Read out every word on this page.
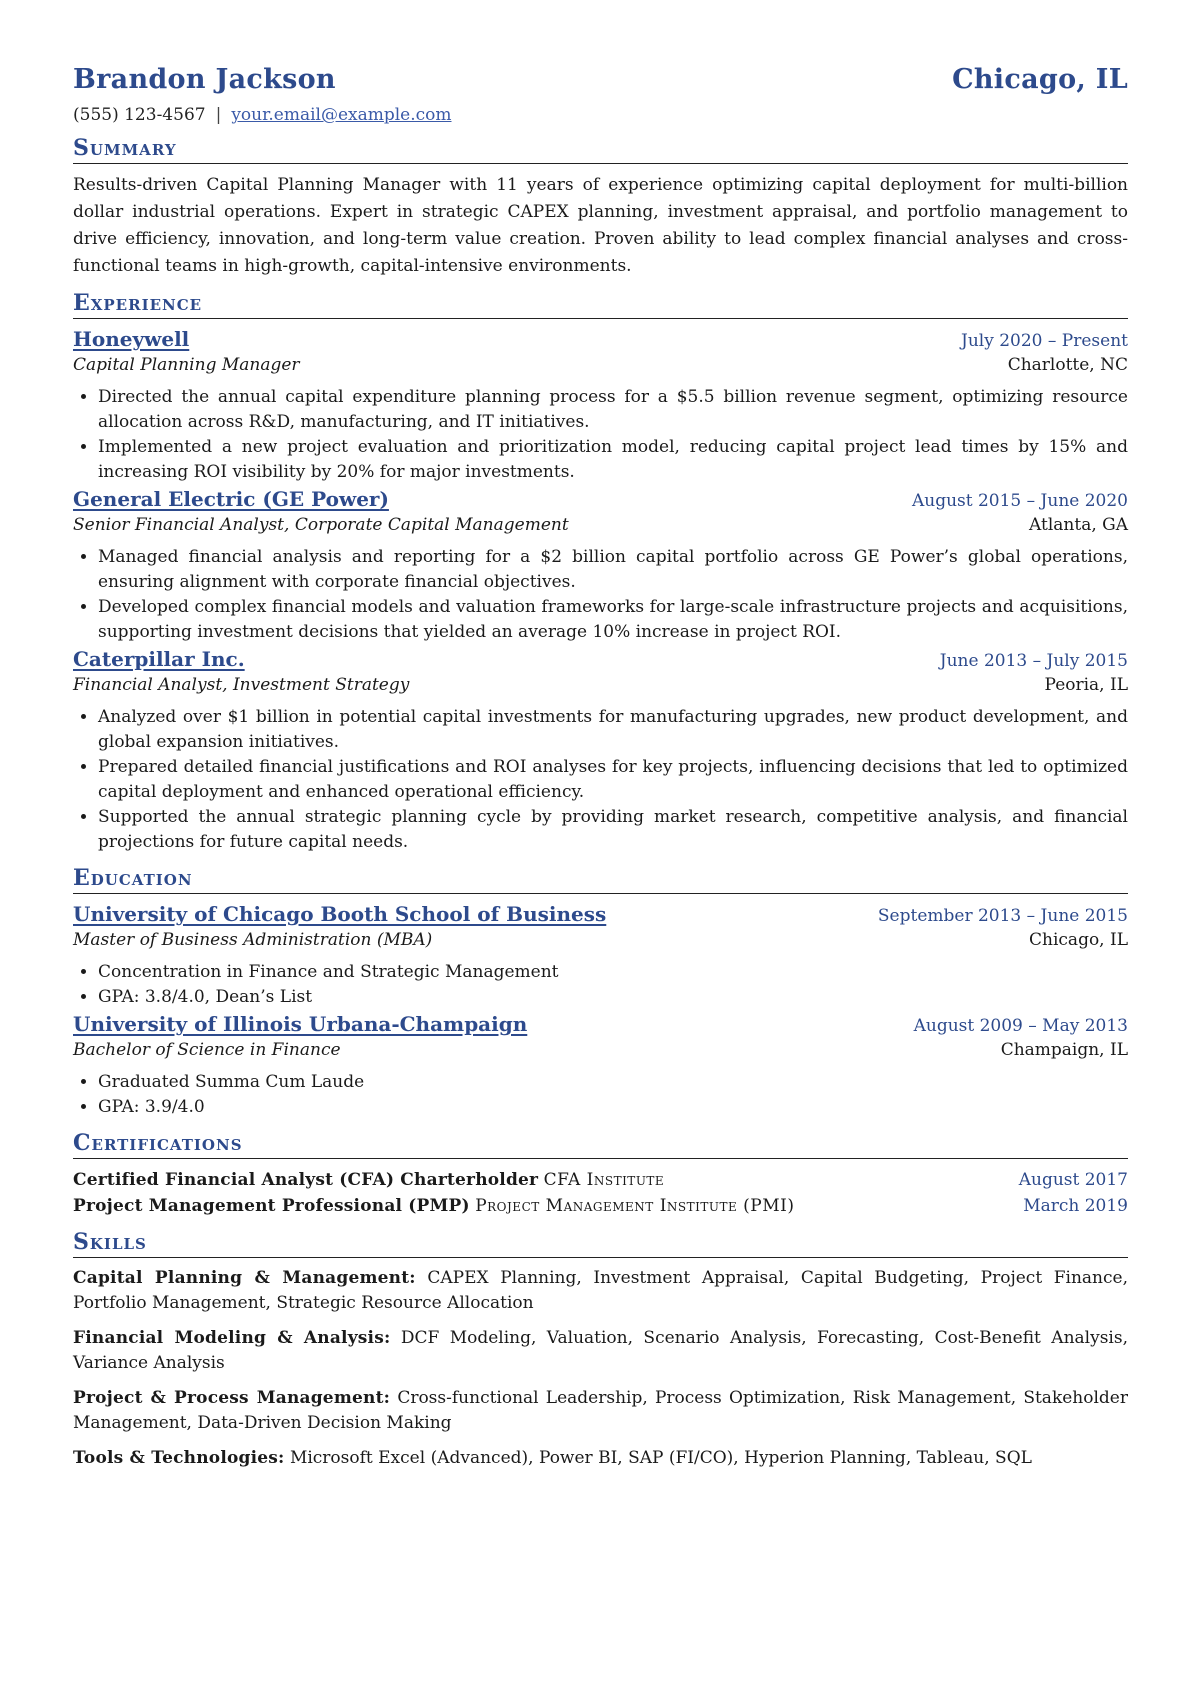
Brandon Jackson	Chicago, IL
(555) 123-4567 | your.email@example.com
Summary
Results-driven Capital Planning Manager with 11 years of experience optimizing capital deployment for multi-billion dollar industrial operations. Expert in strategic CAPEX planning, investment appraisal, and portfolio management to drive efficiency, innovation, and long-term value creation. Proven ability to lead complex financial analyses and cross-functional teams in high-growth, capital-intensive environments.
Experience
Honeywell	July 2020 – Present
Capital Planning Manager	Charlotte, NC
• Directed the annual capital expenditure planning process for a $5.5 billion revenue segment, optimizing resource allocation across R&D, manufacturing, and IT initiatives.
• Implemented a new project evaluation and prioritization model, reducing capital project lead times by 15% and increasing ROI visibility by 20% for major investments.
General Electric (GE Power)	August 2015 – June 2020
Senior Financial Analyst, Corporate Capital Management	Atlanta, GA
• Managed financial analysis and reporting for a $2 billion capital portfolio across GE Power’s global operations, ensuring alignment with corporate financial objectives.
• Developed complex financial models and valuation frameworks for large-scale infrastructure projects and acquisitions, supporting investment decisions that yielded an average 10% increase in project ROI.
Caterpillar Inc.	June 2013 – July 2015
Financial Analyst, Investment Strategy	Peoria, IL
• Analyzed over $1 billion in potential capital investments for manufacturing upgrades, new product development, and global expansion initiatives.
• Prepared detailed financial justifications and ROI analyses for key projects, influencing decisions that led to optimized capital deployment and enhanced operational efficiency.
• Supported the annual strategic planning cycle by providing market research, competitive analysis, and financial projections for future capital needs.
Education
University of Chicago Booth School of Business	September 2013 – June 2015
Master of Business Administration (MBA)	Chicago, IL
• Concentration in Finance and Strategic Management
• GPA: 3.8/4.0, Dean’s List
University of Illinois Urbana-Champaign	August 2009 – May 2013
Bachelor of Science in Finance	Champaign, IL
• Graduated Summa Cum Laude
• GPA: 3.9/4.0
Certifications
Certified Financial Analyst (CFA) Charterholder CFA Institute	August 2017
Project Management Professional (PMP) Project Management Institute (PMI)	March 2019
Skills
Capital Planning & Management: CAPEX Planning, Investment Appraisal, Capital Budgeting, Project Finance, Portfolio Management, Strategic Resource Allocation
Financial Modeling & Analysis: DCF Modeling, Valuation, Scenario Analysis, Forecasting, Cost-Benefit Analysis, Variance Analysis
Project & Process Management: Cross-functional Leadership, Process Optimization, Risk Management, Stakeholder Management, Data-Driven Decision Making
Tools & Technologies: Microsoft Excel (Advanced), Power BI, SAP (FI/CO), Hyperion Planning, Tableau, SQL
